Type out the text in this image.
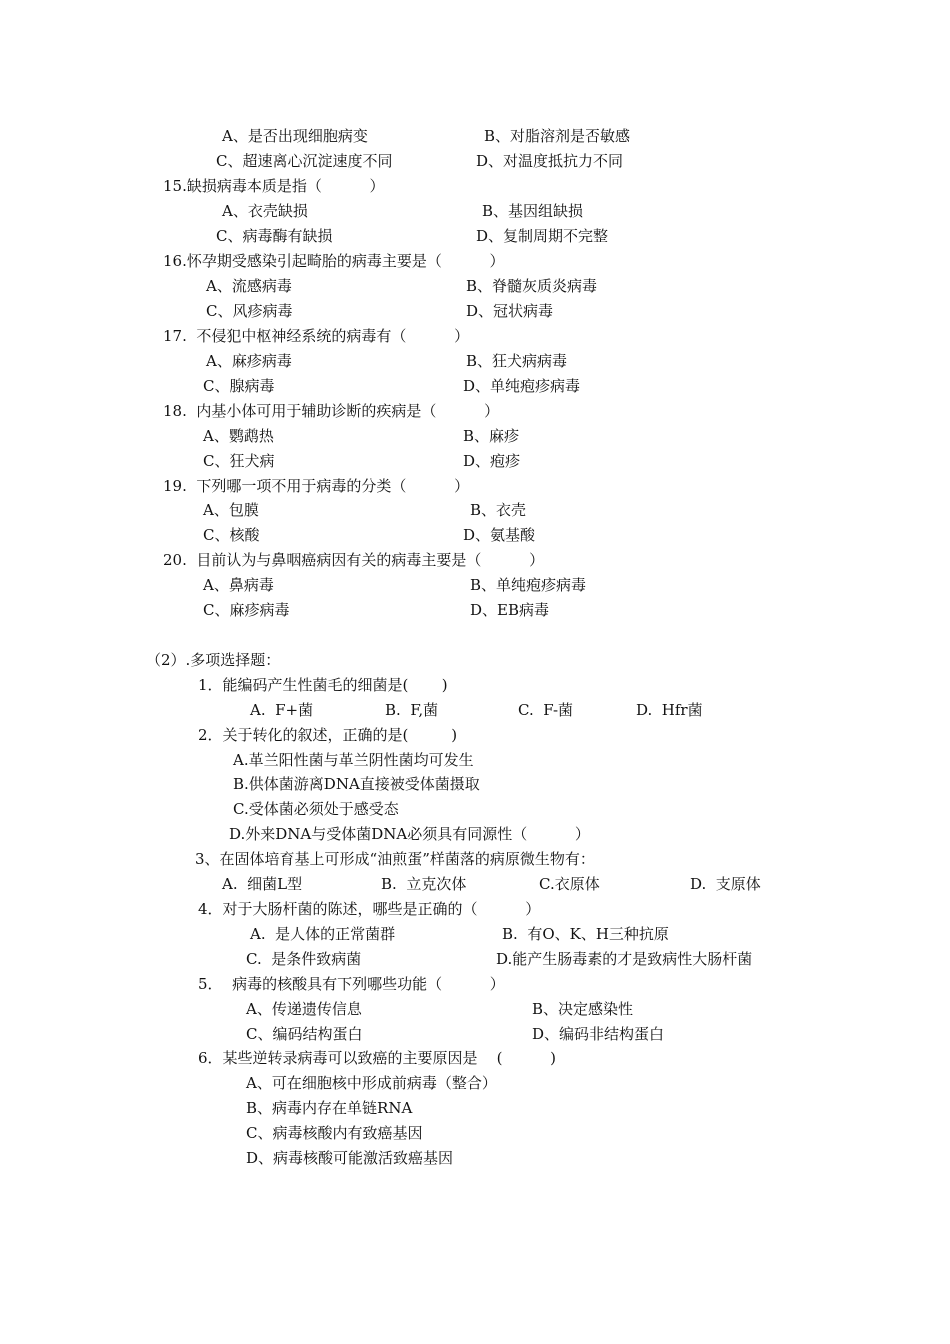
A、是否出现细胞病变	B、对脂溶剂是否敏感
C、超速离心沉淀速度不同	D、对温度抵抗力不同
15.缺损病毒本质是指（          ）
A、衣壳缺损	B、基因组缺损
C、病毒酶有缺损	D、复制周期不完整
16.怀孕期受感染引起畸胎的病毒主要是（          ）
A、流感病毒	B、脊髓灰质炎病毒
C、风疹病毒	D、冠状病毒
17.  不侵犯中枢神经系统的病毒有（          ）
A、麻疹病毒	B、狂犬病病毒
C、腺病毒	D、单纯疱疹病毒
18.  内基小体可用于辅助诊断的疾病是（          ）
A、鹦鹉热	B、麻疹
C、狂犬病	D、疱疹
19.  下列哪一项不用于病毒的分类（          ）
A、包膜	B、衣壳
C、核酸	D、氨基酸
20.  目前认为与鼻咽癌病因有关的病毒主要是（          ）
A、鼻病毒	B、单纯疱疹病毒
C、麻疹病毒	D、EB病毒
（2）.多项选择题：
1．能编码产生性菌毛的细菌是(       )
A.  F+菌	B.  F,菌	C.  F-菌	D.  Hfr菌
2．关于转化的叙述，正确的是(         )
A.革兰阳性菌与革兰阴性菌均可发生
B.供体菌游离DNA直接被受体菌摄取
C.受体菌必须处于感受态
D.外来DNA与受体菌DNA必须具有同源性（          ）
3、在固体培育基上可形成“油煎蛋”样菌落的病原微生物有：
A.  细菌L型	B.  立克次体	C.衣原体	D.  支原体
4．对于大肠杆菌的陈述，哪些是正确的（          ）
A.  是人体的正常菌群	B.  有O、K、H三种抗原
C.  是条件致病菌	D.能产生肠毒素的才是致病性大肠杆菌
5．  病毒的核酸具有下列哪些功能（          ）
A、传递遗传信息	B、决定感染性
C、编码结构蛋白	D、编码非结构蛋白
6．某些逆转录病毒可以致癌的主要原因是    (          )
A、可在细胞核中形成前病毒（整合）
B、病毒内存在单链RNA
C、病毒核酸内有致癌基因
D、病毒核酸可能激活致癌基因
